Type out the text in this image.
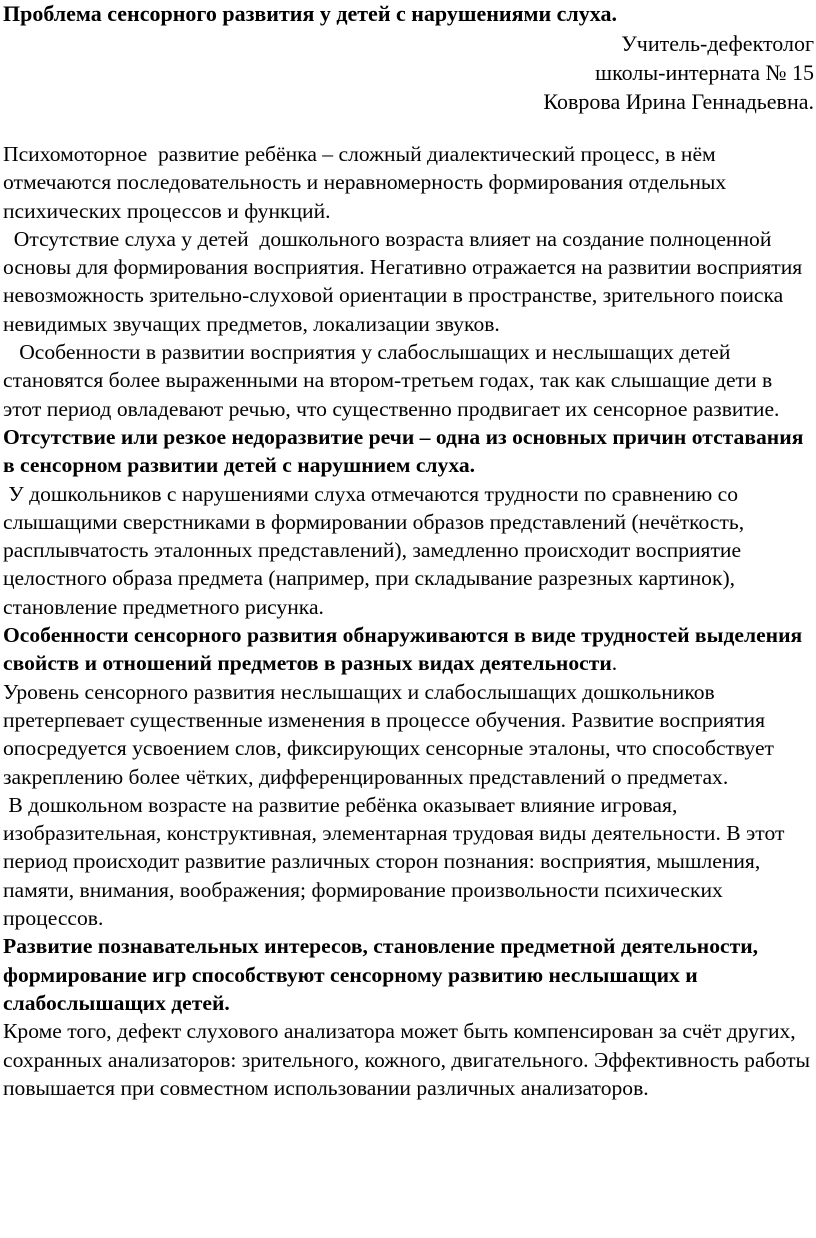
Проблема сенсорного развития у детей с нарушениями слуха.
Учитель-дефектолог
школы-интерната № 15
Коврова Ирина Геннадьевна.

Психомоторное  развитие ребёнка – сложный диалектический процесс, в нём отмечаются последовательность и неравномерность формирования отдельных психических процессов и функций.

Отсутствие слуха у детей  дошкольного возраста влияет на создание полноценной основы для формирования восприятия. Негативно отражается на развитии восприятия невозможность зрительно-слуховой ориентации в пространстве, зрительного поиска невидимых звучащих предметов, локализации звуков.

Особенности в развитии восприятия у слабослышащих и неслышащих детей становятся более выраженными на втором-третьем годах, так как слышащие дети в этот период овладевают речью, что существенно продвигает их сенсорное развитие.

Отсутствие или резкое недоразвитие речи – одна из основных причин отставания в сенсорном развитии детей с нарушнием слуха.

У дошкольников с нарушениями слуха отмечаются трудности по сравнению со слышащими сверстниками в формировании образов представлений (нечёткость, расплывчатость эталонных представлений), замедленно происходит восприятие целостного образа предмета (например, при складывание разрезных картинок), становление предметного рисунка.

Особенности сенсорного развития обнаруживаются в виде трудностей выделения свойств и отношений предметов в разных видах деятельности.

Уровень сенсорного развития неслышащих и слабослышащих дошкольников претерпевает существенные изменения в процессе обучения. Развитие восприятия опосредуется усвоением слов, фиксирующих сенсорные эталоны, что способствует закреплению более чётких, дифференцированных представлений о предметах.

В дошкольном возрасте на развитие ребёнка оказывает влияние игровая, изобразительная, конструктивная, элементарная трудовая виды деятельности. В этот период происходит развитие различных сторон познания: восприятия, мышления, памяти, внимания, воображения; формирование произвольности психических процессов.

Развитие познавательных интересов, становление предметной деятельности, формирование игр способствуют сенсорному развитию неслышащих и слабослышащих детей.

Кроме того, дефект слухового анализатора может быть компенсирован за счёт других, сохранных анализаторов: зрительного, кожного, двигательного. Эффективность работы повышается при совместном использовании различных анализаторов.
